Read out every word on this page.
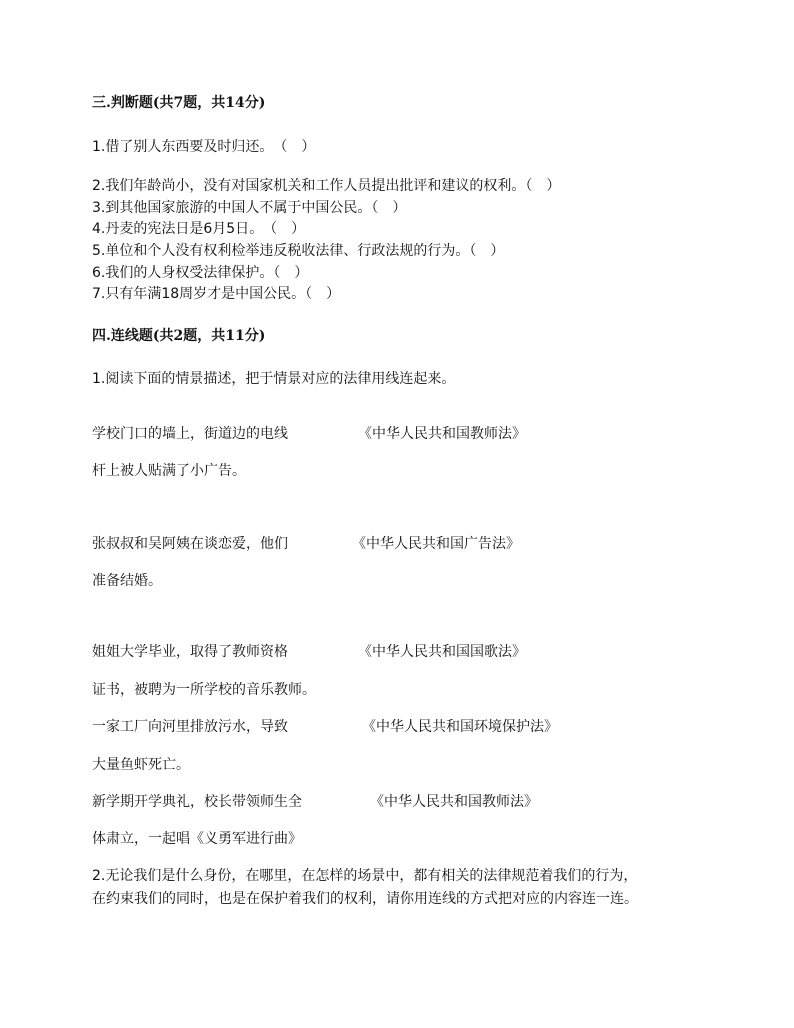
三.判断题(共7题，共14分)
1.借了别人东西要及时归还。　（　）
2.我们年龄尚小，没有对国家机关和工作人员提出批评和建议的权利。（　）
3.到其他国家旅游的中国人不属于中国公民。（　）
4.丹麦的宪法日是6月5日。　（　）
5.单位和个人没有权利检举违反税收法律、行政法规的行为。（　）
6.我们的人身权受法律保护。（　）
7.只有年满18周岁才是中国公民。（　）
四.连线题(共2题，共11分)
1.阅读下面的情景描述，把于情景对应的法律用线连起来。
学校门口的墙上，街道边的电线	《中华人民共和国教师法》
杆上被人贴满了小广告。
张叔叔和吴阿姨在谈恋爱，他们	《中华人民共和国广告法》
准备结婚。
姐姐大学毕业，取得了教师资格	《中华人民共和国国歌法》
证书，被聘为一所学校的音乐教师。
一家工厂向河里排放污水，导致	《中华人民共和国环境保护法》
大量鱼虾死亡。
新学期开学典礼，校长带领师生全	《中华人民共和国教师法》
体肃立，一起唱《义勇军进行曲》
2.无论我们是什么身份，在哪里，在怎样的场景中，都有相关的法律规范着我们的行为，
在约束我们的同时，也是在保护着我们的权利，请你用连线的方式把对应的内容连一连。
